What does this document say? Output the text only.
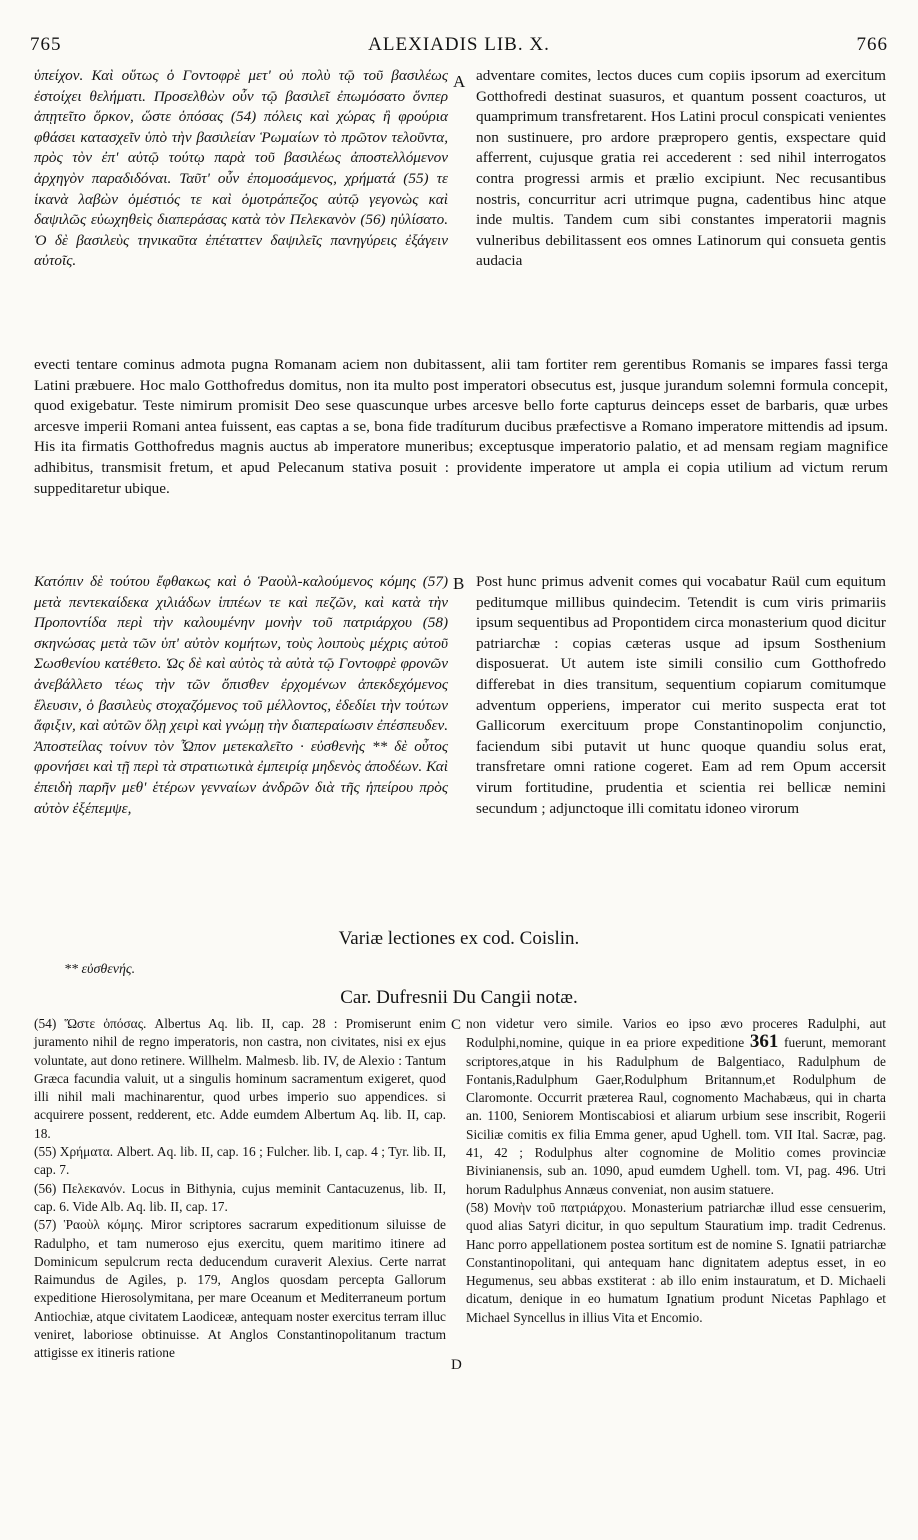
765	ALEXIADIS LIB. X.	766

ὑπείχον. Καὶ οὕτως ὁ Γοντοφρὲ μετ' οὐ πολὺ τῷ τοῦ βασιλέως ἐστοίχει θελήματι. Προσελθὼν οὖν τῷ βασιλεῖ ἐπωμόσατο ὅνπερ ἀπῃτεῖτο ὅρκον, ὥστε ὁπόσας (54) πόλεις καὶ χώρας ἢ φρούρια φθάσει κατασχεῖν ὑπὸ τὴν βασιλείαν Ῥωμαίων τὸ πρῶτον τελοῦντα, πρὸς τὸν ἐπ' αὐτῷ τούτῳ παρὰ τοῦ βασιλέως ἀποστελλόμενον ἀρχηγὸν παραδιδόναι. Ταῦτ' οὖν ἐπομοσάμενος, χρήματά (55) τε ἱκανὰ λαβὼν ὁμέστιός τε καὶ ὁμοτράπεζος αὐτῷ γεγονὼς καὶ δαψιλῶς εὐωχηθεὶς διαπεράσας κατὰ τὸν Πελεκανὸν (56) ηὐλίσατο. Ὁ δὲ βασιλεὺς τηνικαῦτα ἐπέταττεν δαψιλεῖς πανηγύρεις ἐξάγειν αὐτοῖς.

A adventare comites, lectos duces cum copiis ipsorum ad exercitum Gotthofredi destinat suasuros, et quantum possent coacturos, ut quamprimum transfretarent. Hos Latini procul conspicati venientes non sustinuere, pro ardore præpropero gentis, exspectare quid afferrent, cujusque gratia rei accederent : sed nihil interrogatos contra progressi armis et prælio excipiunt. Nec recusantibus nostris, concurritur acri utrimque pugna, cadentibus hinc atque inde multis. Tandem cum sibi constantes imperatorii magnis vulneribus debilitassent eos omnes Latinorum qui consueta gentis audacia

evecti tentare cominus admota pugna Romanam aciem non dubitassent, alii tam fortiter rem gerentibus Romanis se impares fassi terga Latini præbuere. Hoc malo Gotthofredus domitus, non ita multo post imperatori obsecutus est, jusque jurandum solemni formula concepit, quod exigebatur. Teste nimirum promisit Deo sese quascunque urbes arcesve bello forte capturus deinceps esset de barbaris, quæ urbes arcesve imperii Romani antea fuissent, eas captas a se, bona fide tradíturum ducibus præfectisve a Romano imperatore mittendis ad ipsum. His ita firmatis Gotthofredus magnis auctus ab imperatore muneribus; exceptusque imperatorio palatio, et ad mensam regiam magnifice adhibitus, transmisit fretum, et apud Pelecanum stativa posuit : providente imperatore ut ampla ei copia utilium ad victum rerum suppeditaretur ubique.

Κατόπιν δὲ τούτου ἔφθακως καὶ ὁ Ῥαοὺλ-καλούμενος κόμης (57) μετὰ πεντεκαίδεκα χιλιάδων ἱππέων τε καὶ πεζῶν, καὶ κατὰ τὴν Προποντίδα περὶ τὴν καλουμένην μονὴν τοῦ πατριάρχου (58) σκηνώσας μετὰ τῶν ὑπ' αὐτὸν κομήτων, τοὺς λοιποὺς μέχρις αὐτοῦ Σωσθενίου κατέθετο. Ὡς δὲ καὶ αὐτὸς τὰ αὐτὰ τῷ Γοντοφρὲ φρονῶν ἀνεβάλλετο τέως τὴν τῶν ὄπισθεν ἐρχομένων ἀπεκδεχόμενος ἔλευσιν, ὁ βασιλεὺς στοχαζόμενος τοῦ μέλλοντος, ἐδεδίει τὴν τούτων ἄφιξιν, καὶ αὐτῶν ὅλῃ χειρὶ καὶ γνώμῃ τὴν διαπεραίωσιν ἐπέσπευδεν. Ἀποστείλας τοίνυν τὸν Ὦπον μετεκαλεῖτο · εὐσθενὴς ** δὲ οὗτος φρονήσει καὶ τῇ περὶ τὰ στρατιωτικὰ ἐμπειρίᾳ μηδενὸς ἀποδέων. Καὶ ἐπειδὴ παρῆν μεθ' ἑτέρων γενναίων ἀνδρῶν διὰ τῆς ἠπείρου πρὸς αὐτὸν ἐξέπεμψε,

B Post hunc primus advenit comes qui vocabatur Raül cum equitum peditumque millibus quindecim. Tetendit is cum viris primariis ipsum sequentibus ad Propontidem circa monasterium quod dicitur patriarchæ : copias cæteras usque ad ipsum Sosthenium disposuerat. Ut autem iste simili consilio cum Gotthofredo differebat in dies transitum, sequentium copiarum comitumque adventum opperiens, imperator cui merito suspecta erat tot Gallicorum exercituum prope Constantinopolim conjunctio, faciendum sibi putavit ut hunc quoque quandiu solus erat, transfretare omni ratione cogeret. Eam ad rem Opum accersit virum fortitudine, prudentia et scientia rei bellicæ nemini secundum ; adjunctoque illi comitatu idoneo virorum

Variæ lectiones ex cod. Coislin.
** εὐσθενής.
Car. Dufresnii Du Cangii notæ.

(54) Ὥστε ὁπόσας. Albertus Aq. lib. II, cap. 28 : Promiserunt enim juramento nihil de regno imperatoris, non castra, non civitates, nisi ex ejus voluntate, aut dono retinere. Willhelm. Malmesb. lib. IV, de Alexio : Tantum Græca facundia valuit, ut a singulis hominum sacramentum exigeret, quod illi nihil mali machinarentur, quod urbes imperio suo appendices. si acquirere possent, redderent, etc. Adde eumdem Albertum Aq. lib. II, cap. 18.

(55) Χρήματα. Albert. Aq. lib. II, cap. 16 ; Fulcher. lib. I, cap. 4 ; Tyr. lib. II, cap. 7.

(56) Πελεκανόν. Locus in Bithynia, cujus meminit Cantacuzenus, lib. II, cap. 6. Vide Alb. Aq. lib. II, cap. 17.

(57) Ῥαοὺλ κόμης. Miror scriptores sacrarum expeditionum siluisse de Radulpho, et tam numeroso ejus exercitu, quem maritimo itinere ad Dominicum sepulcrum recta deducendum curaverit Alexius. Certe narrat Raimundus de Agiles, p. 179, Anglos quosdam percepta Gallorum expeditione Hierosolymitana, per mare Oceanum et Mediterraneum portum Antiochiæ, atque civitatem Laodiceæ, antequam noster exercitus terram illuc veniret, laboriose obtinuisse. At Anglos Constantinopolitanum tractum attigisse ex itineris ratione

C
D

non videtur vero simile. Varios eo ipso ævo proceres Radulphi, aut Rodulphi,nomine, quique in ea priore expeditione 361 fuerunt, memorant scriptores,atque in his Radulphum de Balgentiaco, Radulphum de Fontanis,Radulphum Gaer,Rodulphum Britannum,et Rodulphum de Claromonte. Occurrit præterea Raul, cognomento Machabæus, qui in charta an. 1100, Seniorem Montiscabiosi et aliarum urbium sese inscribit, Rogerii Siciliæ comitis ex filia Emma gener, apud Ughell. tom. VII Ital. Sacræ, pag. 41, 42 ; Rodulphus alter cognomine de Molitio comes provinciæ Bivinianensis, sub an. 1090, apud eumdem Ughell. tom. VI, pag. 496. Utri horum Radulphus Annæus conveniat, non ausim statuere.

(58) Μονὴν τοῦ πατριάρχου. Monasterium patriarchæ illud esse censuerim, quod alias Satyri dicitur, in quo sepultum Stauratium imp. tradit Cedrenus. Hanc porro appellationem postea sortitum est de nomine S. Ignatii patriarchæ Constantinopolitani, qui antequam hanc dignitatem adeptus esset, in eo Hegumenus, seu abbas exstiterat : ab illo enim instauratum, et D. Michaeli dicatum, denique in eo humatum Ignatium produnt Nicetas Paphlago et Michael Syncellus in illius Vita et Encomio.
